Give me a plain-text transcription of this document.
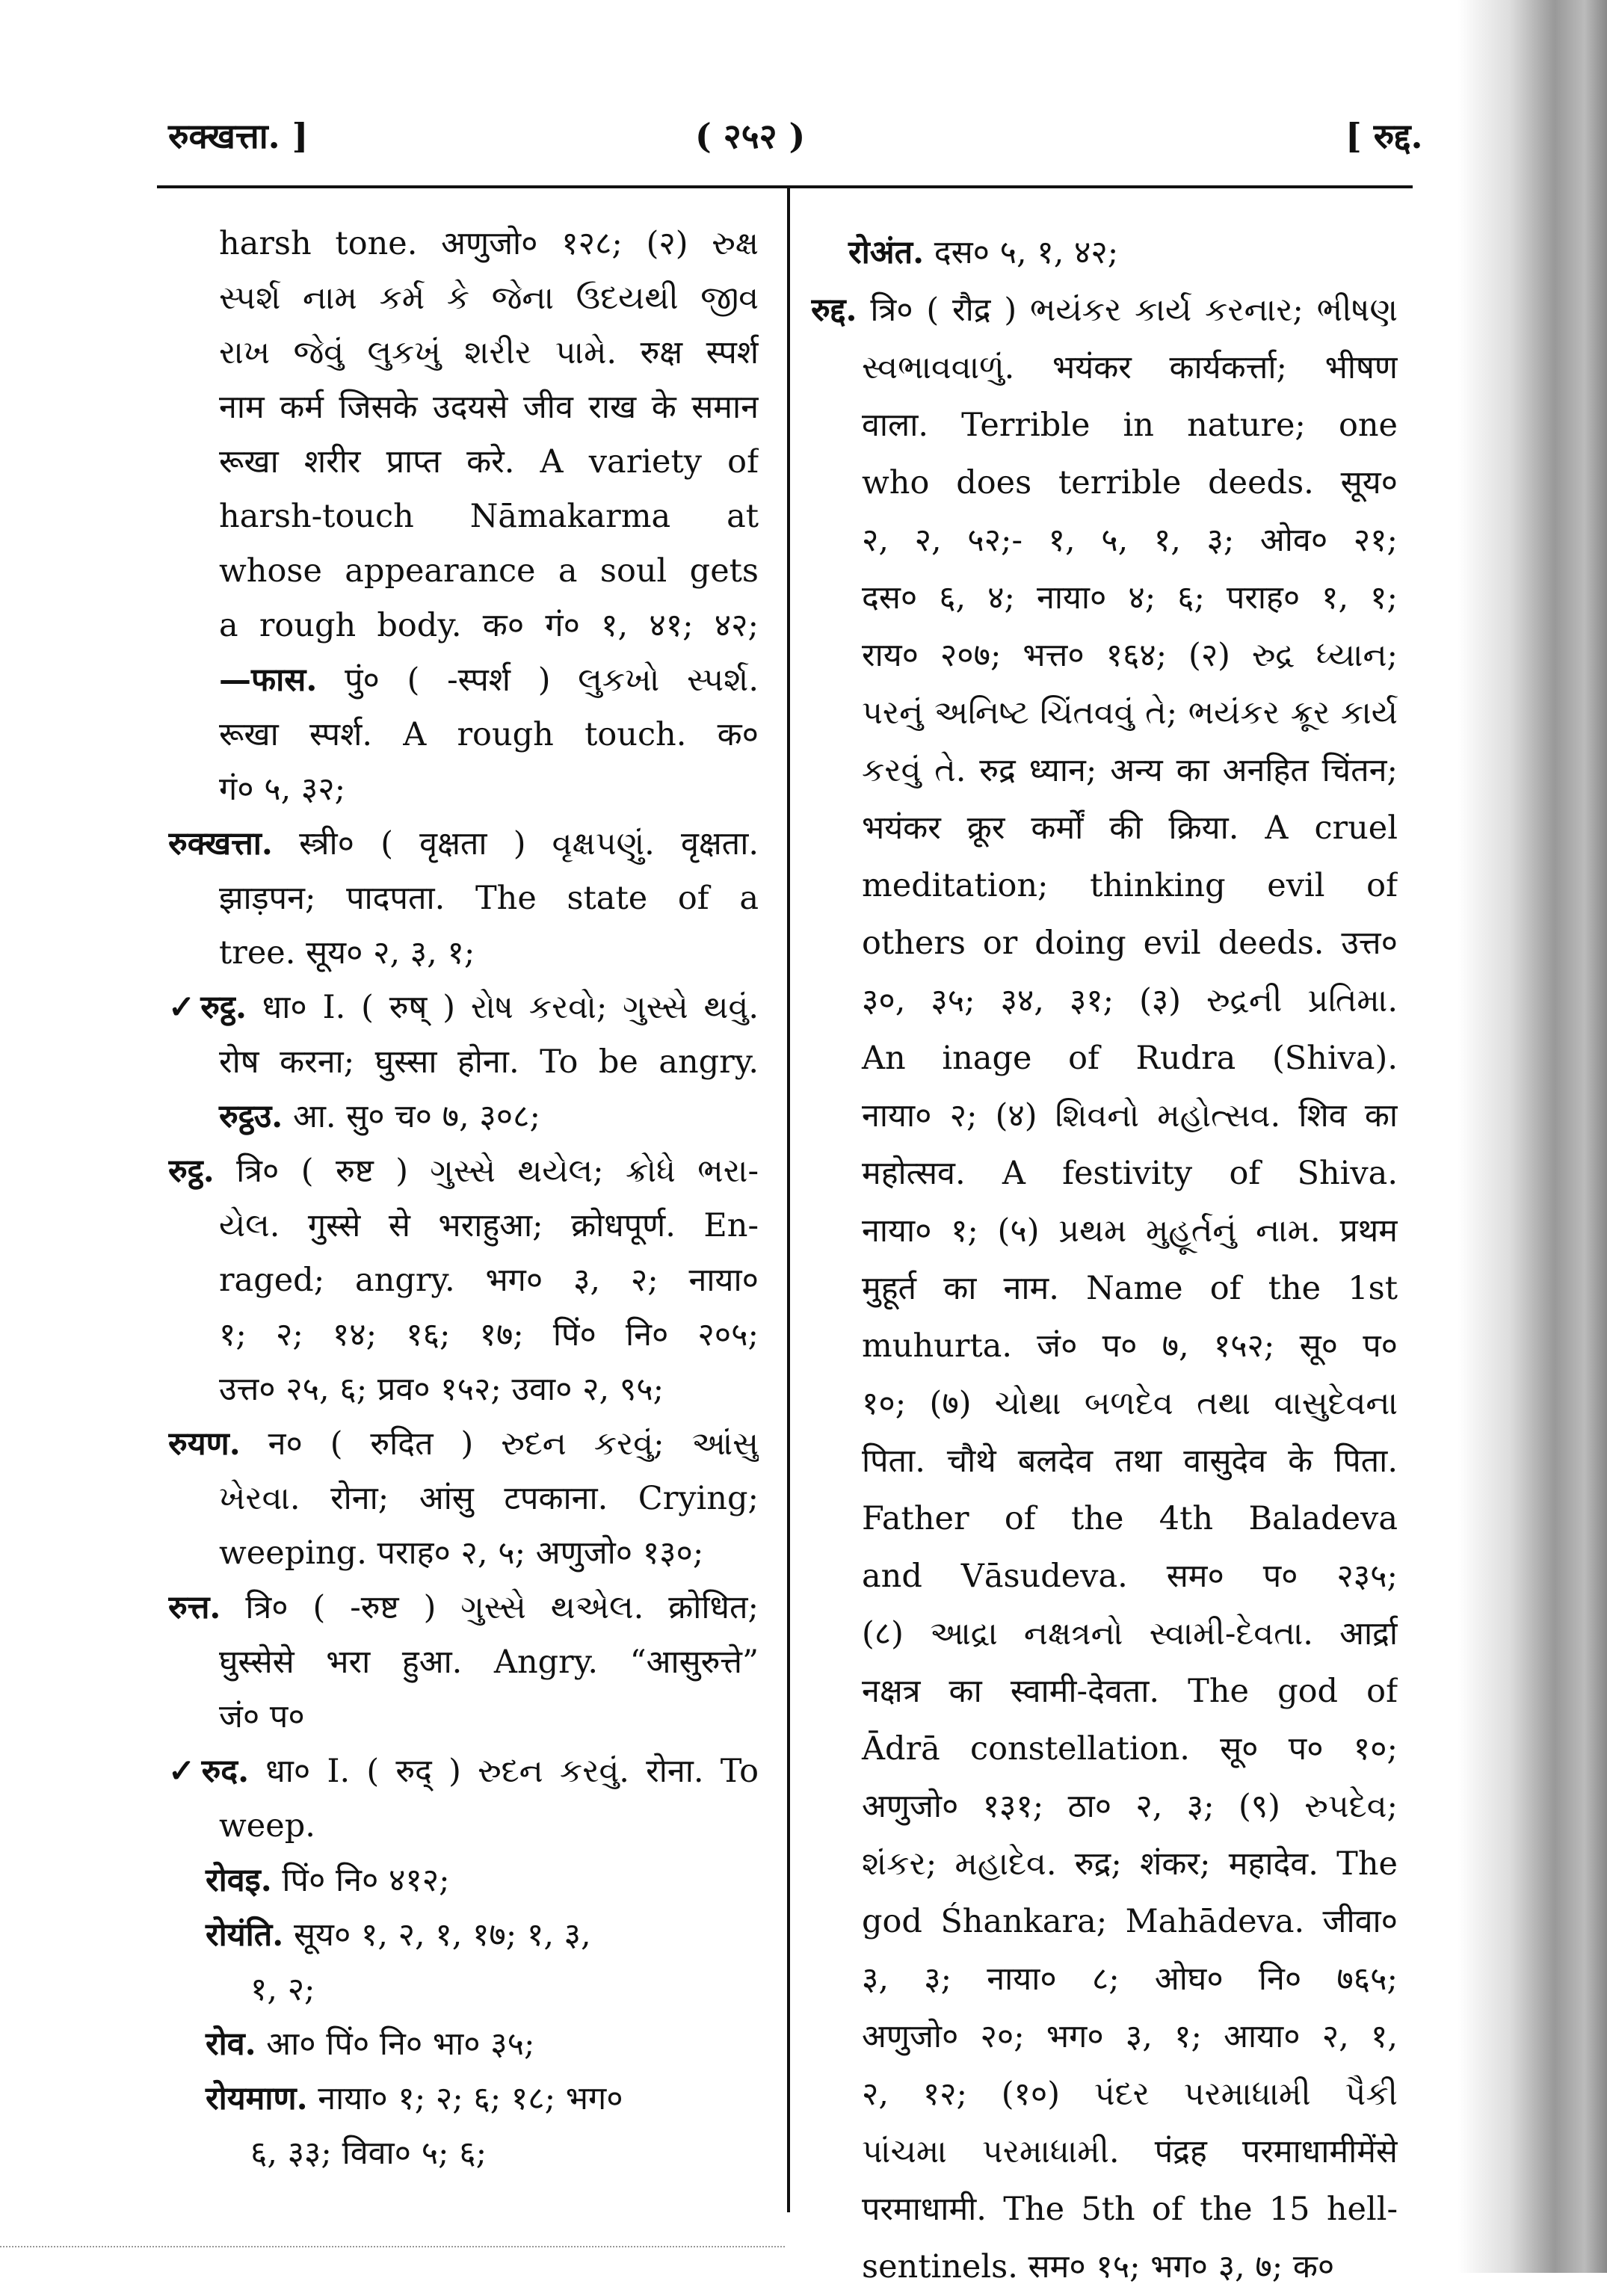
रुक्खत्ता. ]	( २५२ )	[ रुद्द.
harsh tone. अणुजो० १२८; (२) રુક્ષ
સ્પર્શ નામ કર્મ કે જેના ઉદયથી જીવ
રાખ જેવું લુકખું શરીર પામે. रुक्ष स्पर्श
नाम कर्म जिसके उदयसे जीव राख के समान
रूखा शरीर प्राप्त करे. A variety of
harsh-touch Nāmakarma at
whose appearance a soul gets
a rough body. क० गं० १, ४१; ४२;
—फास. पुं० ( -स्पर्श ) લુકખો સ્પર્શ.
रूखा स्पर्श. A rough touch. क०
गं० ५, ३२;
रुक्खत्ता. स्त्री० ( वृक्षता ) વૃક્ષપણું. वृक्षता.
झाड़पन; पादपता. The state of a
tree. सूय० २, ३, १;
✓रुट्ठ. धा० I. ( रुष् ) રોષ કરવો; ગુસ્સે થવું.
रोष करना; घुस्सा होना. To be angry.
रुट्ठउ. आ. सु० च० ७, ३०८;
रुट्ठ. त्रि० ( रुष्ट ) ગુસ્સે થયેલ; ક્રોધે ભરા-
યેલ. गुस्से से भराहुआ; क्रोधपूर्ण. En-
raged; angry. भग० ३, २; नाया०
१; २; १४; १६; १७; पिं० नि० २०५;
उत्त० २५, ६; प्रव० १५२; उवा० २, ९५;
रुयण. न० ( रुदित ) રુદન કરવું; આંસુ
ખેરવા. रोना; आंसु टपकाना. Crying;
weeping. पराह० २, ५; अणुजो० १३०;
रुत्त. त्रि० ( -रुष्ट ) ગુસ્સે થએલ. क्रोधित;
घुस्सेसे भरा हुआ. Angry. “आसुरुत्ते”
जं० प०
✓रुद. धा० I. ( रुद् ) રુદન કરવું. रोना. To
weep.
रोवइ. पिं० नि० ४१२;
रोयंति. सूय० १, २, १, १७; १, ३,
१, २;
रोव. आ० पिं० नि० भा० ३५;
रोयमाण. नाया० १; २; ६; १८; भग०
६, ३३; विवा० ५; ६;
रोअंत. दस० ५, १, ४२;
रुद्द. त्रि० ( रौद्र ) ભયંકર કાર્ય કરનાર; ભીષણ
સ્વભાવવાળું. भयंकर कार्यकर्त्ता; भीषण
वाला. Terrible in nature; one
who does terrible deeds. सूय०
२, २, ५२;- १, ५, १, ३; ओव० २१;
दस० ६, ४; नाया० ४; ६; पराह० १, १;
राय० २०७; भत्त० १६४; (२) રુદ્ર ધ્યાન;
પરનું અનિષ્ટ ચિંતવવું તે; ભયંકર ક્રૂર કાર્ય
કરવું તે. रुद्र ध्यान; अन्य का अनहित चिंतन;
भयंकर क्रूर कर्मों की क्रिया. A cruel
meditation; thinking evil of
others or doing evil deeds. उत्त०
३०, ३५; ३४, ३१; (३) રુદ્રની પ્રતિમા.
An inage of Rudra (Shiva).
नाया० २; (४) શિવનો મહોત્સવ. शिव का
महोत्सव. A festivity of Shiva.
नाया० १; (५) પ્રથમ મુહૂર્તનું નામ. प्रथम
मुहूर्त का नाम. Name of the 1st
muhurta. जं० प० ७, १५२; सू० प०
१०; (७) ચોથા બળદેવ તથા વાસુદેવના
पिता. चौथे बलदेव तथा वासुदेव के पिता.
Father of the 4th Baladeva
and Vāsudeva. सम० प० २३५;
(८) આદ્રા નક્ષત્રનો સ્વામી-દેવતા. आर्द्रा
नक्षत्र का स्वामी-देवता. The god of
Ādrā constellation. सू० प० १०;
अणुजो० १३१; ठा० २, ३; (९) રુપદેવ;
શંકર; મહાદેવ. रुद्र; शंकर; महादेव. The
god Śhankara; Mahādeva. जीवा०
३, ३; नाया० ८; ओघ० नि० ७६५;
अणुजो० २०; भग० ३, १; आया० २, १,
२, १२; (१०) પંદર પરમાધામી પૈકી
પાંચમા પરમાધામી. पंद्रह परमाधामीमेंसे
परमाधामी. The 5th of the 15 hell-
sentinels. सम० १५; भग० ३, ७; क०
